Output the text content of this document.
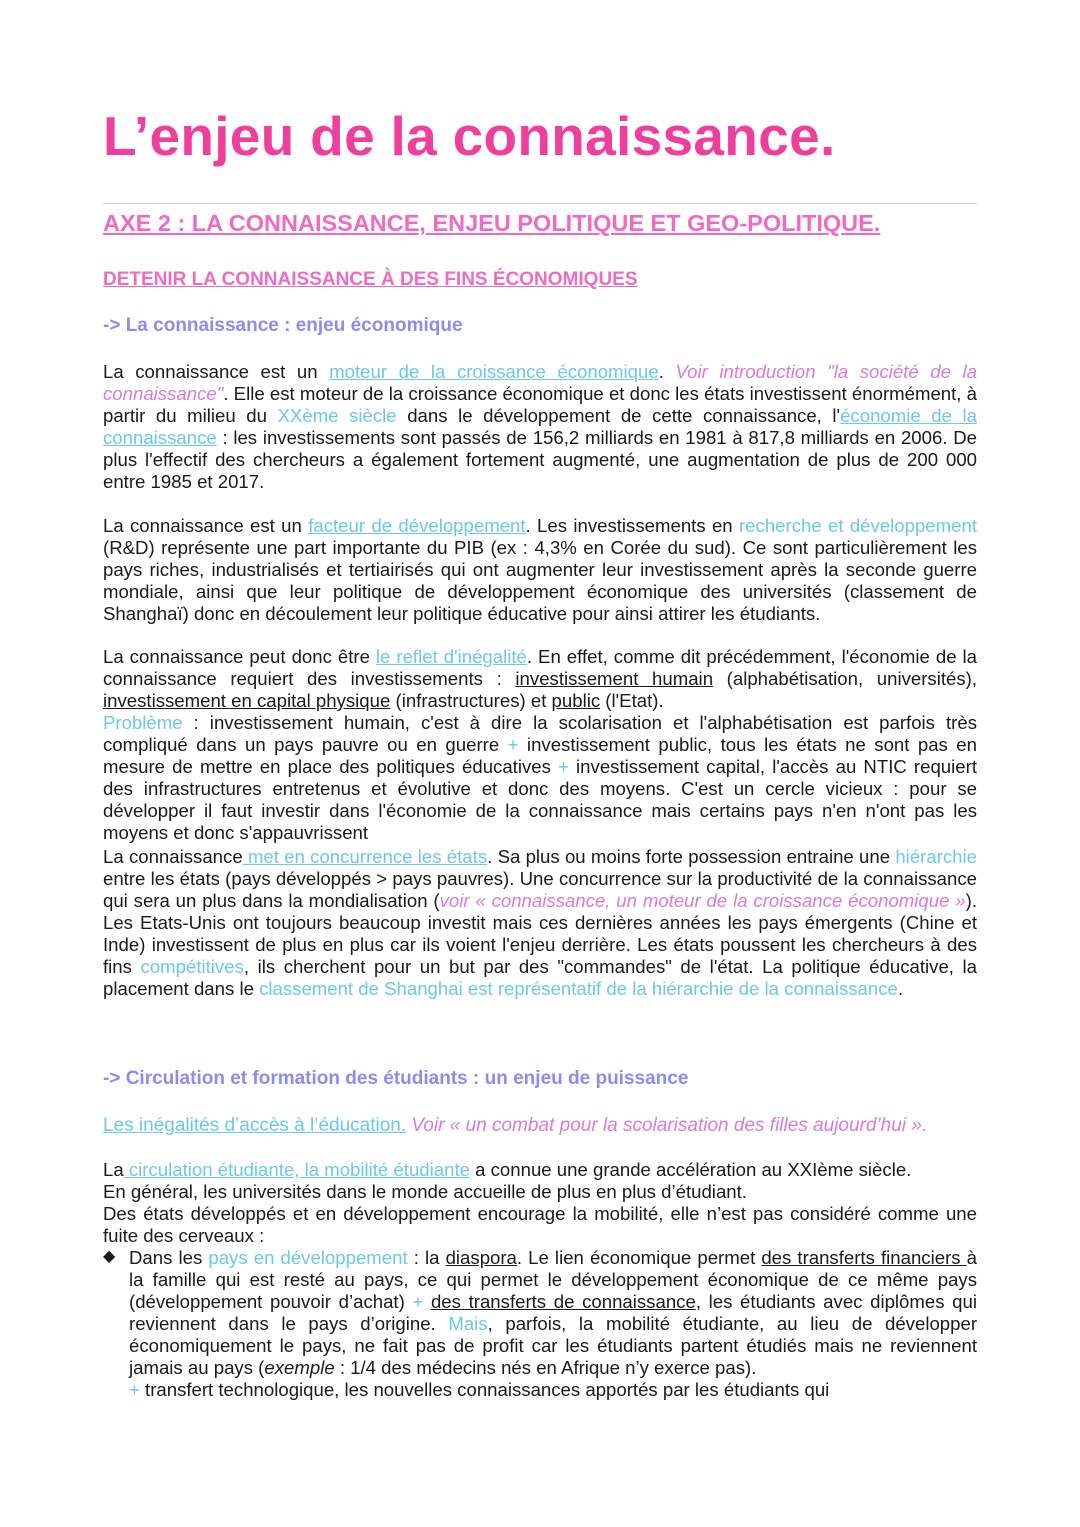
L’enjeu de la connaissance.
AXE 2 : LA CONNAISSANCE, ENJEU POLITIQUE ET GEO-POLITIQUE.
DETENIR LA CONNAISSANCE À DES FINS ÉCONOMIQUES
-> La connaissance : enjeu économique

La connaissance est un moteur de la croissance économique. Voir introduction "la société de la connaissance". Elle est moteur de la croissance économique et donc les états investissent énormément, à partir du milieu du XXème siècle dans le développement de cette connaissance, l'économie de la connaissance : les investissements sont passés de 156,2 milliards en 1981 à 817,8 milliards en 2006. De plus l'effectif des chercheurs a également fortement augmenté, une augmentation de plus de 200 000 entre 1985 et 2017.

La connaissance est un facteur de développement. Les investissements en recherche et développement (R&D) représente une part importante du PIB (ex : 4,3% en Corée du sud). Ce sont particulièrement les pays riches, industrialisés et tertiairisés qui ont augmenter leur investissement après la seconde guerre mondiale, ainsi que leur politique de développement économique des universités (classement de Shanghaï) donc en découlement leur politique éducative pour ainsi attirer les étudiants.

La connaissance peut donc être le reflet d'inégalité. En effet, comme dit précédemment, l'économie de la connaissance requiert des investissements : investissement humain (alphabétisation, universités), investissement en capital physique (infrastructures) et public (l'Etat).
Problème : investissement humain, c'est à dire la scolarisation et l'alphabétisation est parfois très compliqué dans un pays pauvre ou en guerre + investissement public, tous les états ne sont pas en mesure de mettre en place des politiques éducatives + investissement capital, l'accès au NTIC requiert des infrastructures entretenus et évolutive et donc des moyens. C'est un cercle vicieux : pour se développer il faut investir dans l'économie de la connaissance mais certains pays n'en n'ont pas les moyens et donc s'appauvrissent

La connaissance met en concurrence les états. Sa plus ou moins forte possession entraine une hiérarchie entre les états (pays développés > pays pauvres). Une concurrence sur la productivité de la connaissance qui sera un plus dans la mondialisation (voir « connaissance, un moteur de la croissance économique »). Les Etats-Unis ont toujours beaucoup investit mais ces dernières années les pays émergents (Chine et Inde) investissent de plus en plus car ils voient l'enjeu derrière. Les états poussent les chercheurs à des fins compétitives, ils cherchent pour un but par des "commandes" de l'état. La politique éducative, la placement dans le classement de Shanghai est représentatif de la hiérarchie de la connaissance.

-> Circulation et formation des étudiants : un enjeu de puissance

Les inégalités d’accès à l’éducation. Voir « un combat pour la scolarisation des filles aujourd’hui ».

La circulation étudiante, la mobilité étudiante a connue une grande accélération au XXIème siècle.
En général, les universités dans le monde accueille de plus en plus d’étudiant.
Des états développés et en développement encourage la mobilité, elle n’est pas considéré comme une fuite des cerveaux :

◆ Dans les pays en développement : la diaspora. Le lien économique permet des transferts financiers à la famille qui est resté au pays, ce qui permet le développement économique de ce même pays (développement pouvoir d’achat) + des transferts de connaissance, les étudiants avec diplômes qui reviennent dans le pays d’origine. Mais, parfois, la mobilité étudiante, au lieu de développer économiquement le pays, ne fait pas de profit car les étudiants partent étudiés mais ne reviennent jamais au pays (exemple : 1/4 des médecins nés en Afrique n’y exerce pas).
+ transfert technologique, les nouvelles connaissances apportés par les étudiants qui
